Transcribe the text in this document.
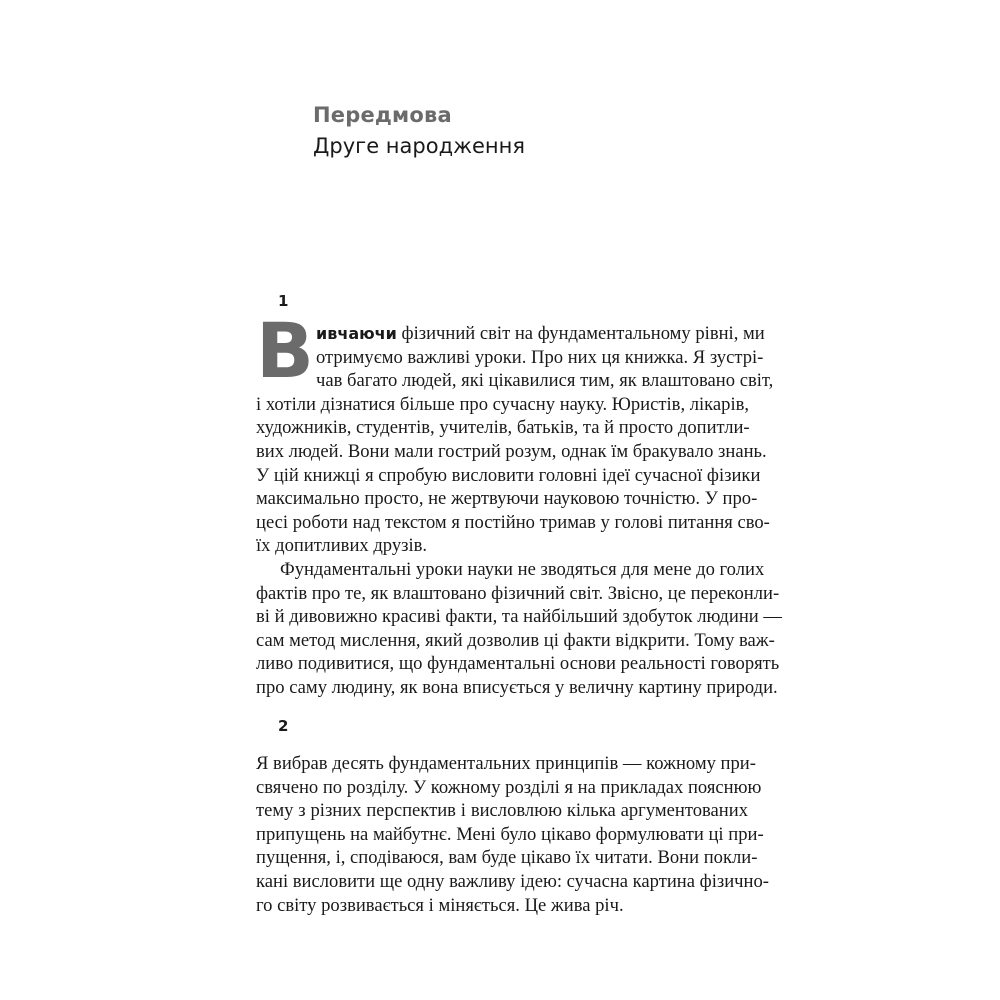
Передмова
Друге народження
1
В ивчаючи фізичний світ на фундаментальному рівні, ми
отримуємо важливі уроки. Про них ця книжка. Я зустрі-
чав багато людей, які цікавилися тим, як влаштовано світ,
і хотіли дізнатися більше про сучасну науку. Юристів, лікарів,
художників, студентів, учителів, батьків, та й просто допитли-
вих людей. Вони мали гострий розум, однак їм бракувало знань.
У цій книжці я спробую висловити головні ідеї сучасної фізики
максимально просто, не жертвуючи науковою точністю. У про-
цесі роботи над текстом я постійно тримав у голові питання сво-
їх допитливих друзів.
Фундаментальні уроки науки не зводяться для мене до голих
фактів про те, як влаштовано фізичний світ. Звісно, це переконли-
ві й дивовижно красиві факти, та найбільший здобуток людини —
сам метод мислення, який дозволив ці факти відкрити. Тому важ-
ливо подивитися, що фундаментальні основи реальності говорять
про саму людину, як вона вписується у величну картину природи.
2
Я вибрав десять фундаментальних принципів — кожному при-
свячено по розділу. У кожному розділі я на прикладах пояснюю
тему з різних перспектив і висловлюю кілька аргументованих
припущень на майбутнє. Мені було цікаво формулювати ці при-
пущення, і, сподіваюся, вам буде цікаво їх читати. Вони покли-
кані висловити ще одну важливу ідею: сучасна картина фізично-
го світу розвивається і міняється. Це жива річ.
